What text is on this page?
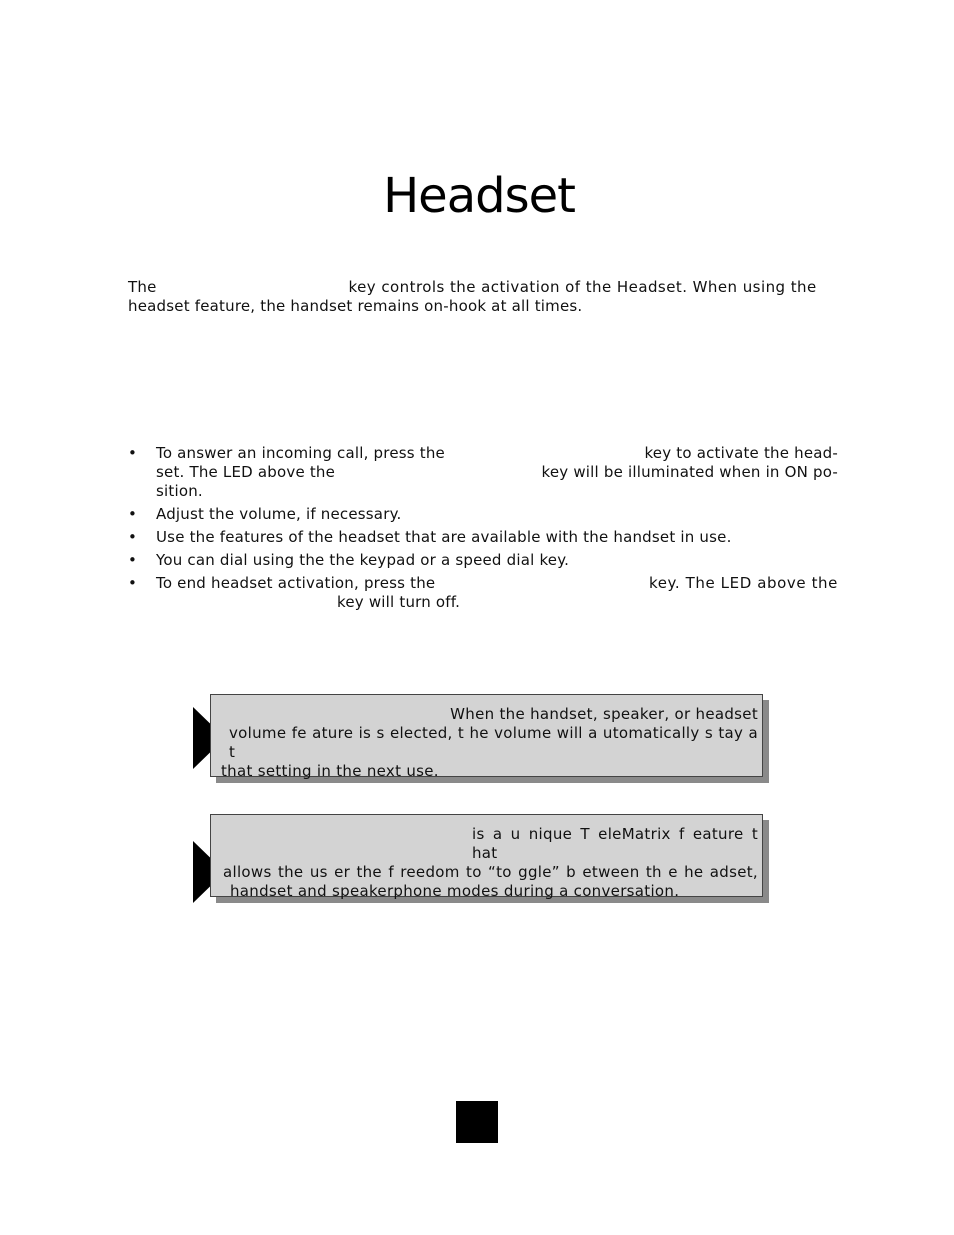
Headset
The	key controls the activation of the Headset. When using the
headset feature, the handset remains on-hook at all times.
• To answer an incoming call, press the	key to activate the head-
set. The LED above the	key will be illuminated when in ON po-
sition.
• Adjust the volume, if necessary.
• Use the features of the headset that are available with the handset in use.
• You can dial using the the keypad or a speed dial key.
• To end headset activation, press the	key. The LED above the
key will turn off.
When the handset, speaker, or headset
volume fe ature is s elected, t he volume will a utomatically s tay a t
that setting in the next use.
is a u nique T eleMatrix f eature t hat
allows the us er the f reedom to “to ggle” b etween th e he adset,
handset and speakerphone modes during a conversation.
